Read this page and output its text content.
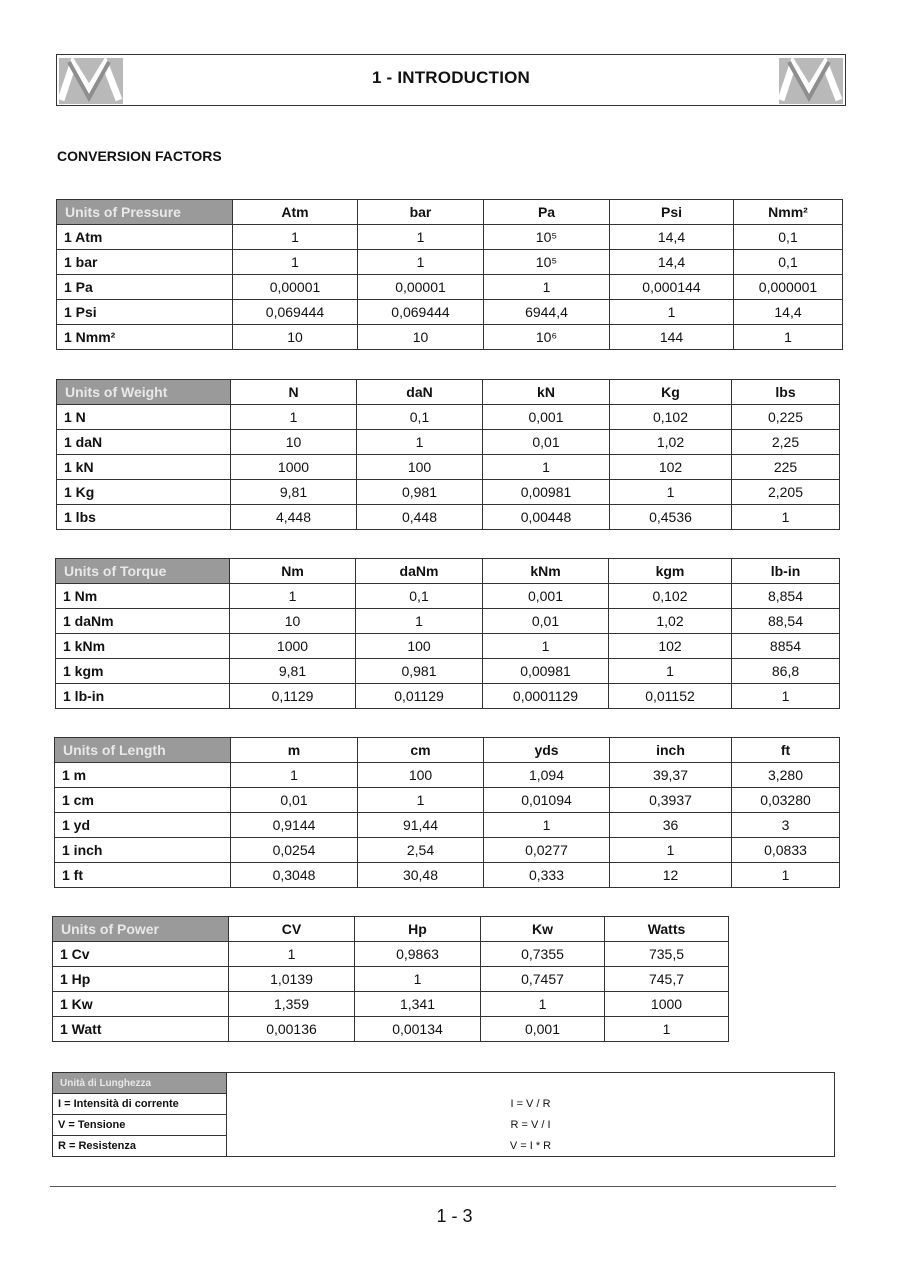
1 - INTRODUCTION
CONVERSION FACTORS
Units of Pressure	Atm	bar	Pa	Psi	Nmm²
1 Atm	1	1	10⁵	14,4	0,1
1 bar	1	1	10⁵	14,4	0,1
1 Pa	0,00001	0,00001	1	0,000144	0,000001
1 Psi	0,069444	0,069444	6944,4	1	14,4
1 Nmm²	10	10	10⁶	144	1
Units of Weight	N	daN	kN	Kg	lbs
1 N	1	0,1	0,001	0,102	0,225
1 daN	10	1	0,01	1,02	2,25
1 kN	1000	100	1	102	225
1 Kg	9,81	0,981	0,00981	1	2,205
1 lbs	4,448	0,448	0,00448	0,4536	1
Units of Torque	Nm	daNm	kNm	kgm	lb-in
1 Nm	1	0,1	0,001	0,102	8,854
1 daNm	10	1	0,01	1,02	88,54
1 kNm	1000	100	1	102	8854
1 kgm	9,81	0,981	0,00981	1	86,8
1 lb-in	0,1129	0,01129	0,0001129	0,01152	1
Units of Length	m	cm	yds	inch	ft
1 m	1	100	1,094	39,37	3,280
1 cm	0,01	1	0,01094	0,3937	0,03280
1 yd	0,9144	91,44	1	36	3
1 inch	0,0254	2,54	0,0277	1	0,0833
1 ft	0,3048	30,48	0,333	12	1
Units of Power	CV	Hp	Kw	Watts
1 Cv	1	0,9863	0,7355	735,5
1 Hp	1,0139	1	0,7457	745,7
1 Kw	1,359	1,341	1	1000
1 Watt	0,00136	0,00134	0,001	1
Unità di Lunghezza	
I = Intensità di corrente	I = V / R
V = Tensione	R = V / I
R = Resistenza	V = I * R
1 - 3
